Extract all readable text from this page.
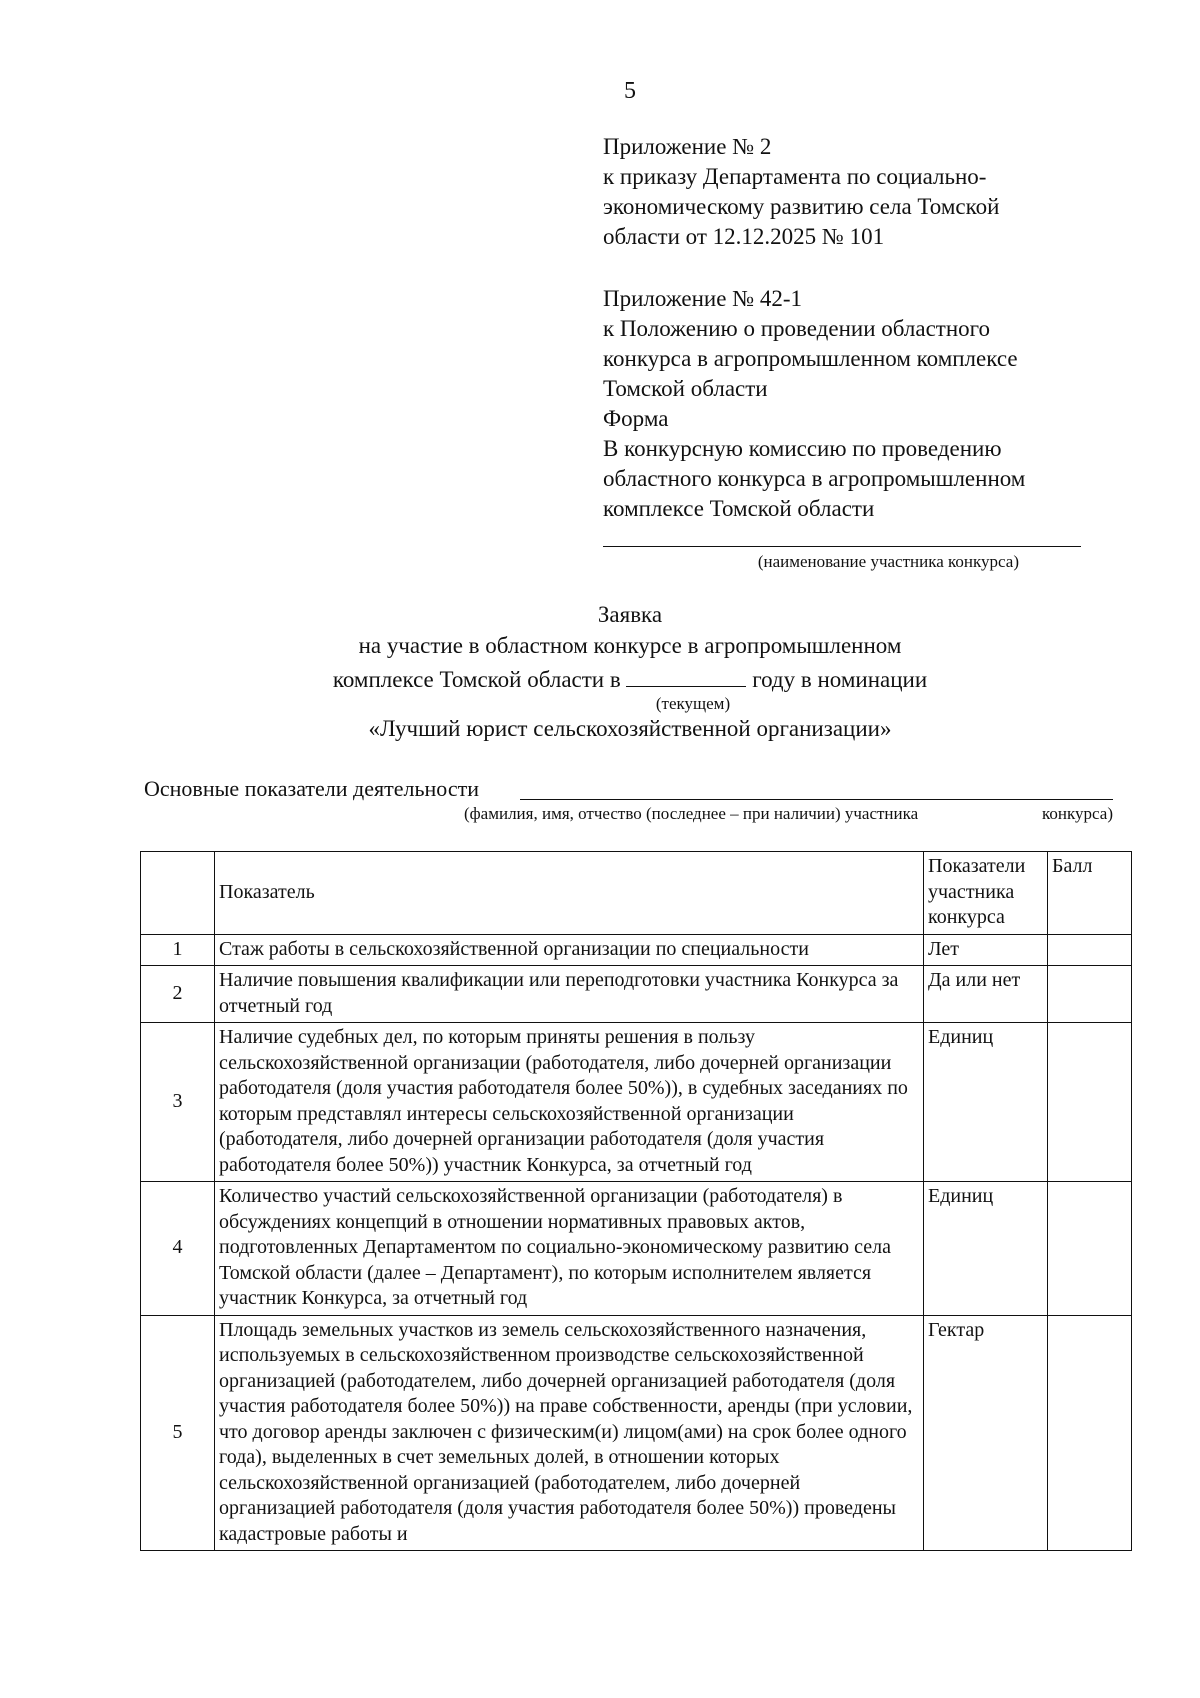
5
Приложение № 2
к приказу Департамента по социально-
экономическому развитию села Томской
области от 12.12.2025 № 101
Приложение № 42-1
к Положению о проведении областного
конкурса в агропромышленном комплексе
Томской области
Форма
В конкурсную комиссию по проведению
областного конкурса в агропромышленном
комплексе Томской области
(наименование участника конкурса)
Заявка
на участие в областном конкурсе в агропромышленном
комплексе Томской области в	году в номинации
(текущем)
«Лучший юрист сельскохозяйственной организации»
Основные показатели деятельности
(фамилия, имя, отчество (последнее – при наличии) участника	конкурса)
	Показатель	Показатели участника конкурса	Балл
1	Стаж работы в сельскохозяйственной организации по специальности	Лет	
2	Наличие повышения квалификации или переподготовки участника Конкурса за отчетный год	Да или нет	
3	Наличие судебных дел, по которым приняты решения в пользу сельскохозяйственной организации (работодателя, либо дочерней организации работодателя (доля участия работодателя более 50%)), в судебных заседаниях по которым представлял интересы сельскохозяйственной организации (работодателя, либо дочерней организации работодателя (доля участия работодателя более 50%)) участник Конкурса, за отчетный год	Единиц	
4	Количество участий сельскохозяйственной организации (работодателя) в обсуждениях концепций в отношении нормативных правовых актов, подготовленных Департаментом по социально-экономическому развитию села Томской области (далее – Департамент), по которым исполнителем является участник Конкурса, за отчетный год	Единиц	
5	Площадь земельных участков из земель сельскохозяйственного назначения, используемых в сельскохозяйственном производстве сельскохозяйственной организацией (работодателем, либо дочерней организацией работодателя (доля участия работодателя более 50%)) на праве собственности, аренды (при условии, что договор аренды заключен с физическим(и) лицом(ами) на срок более одного года), выделенных в счет земельных долей, в отношении которых сельскохозяйственной организацией (работодателем, либо дочерней организацией работодателя (доля участия работодателя более 50%)) проведены кадастровые работы и	Гектар	
